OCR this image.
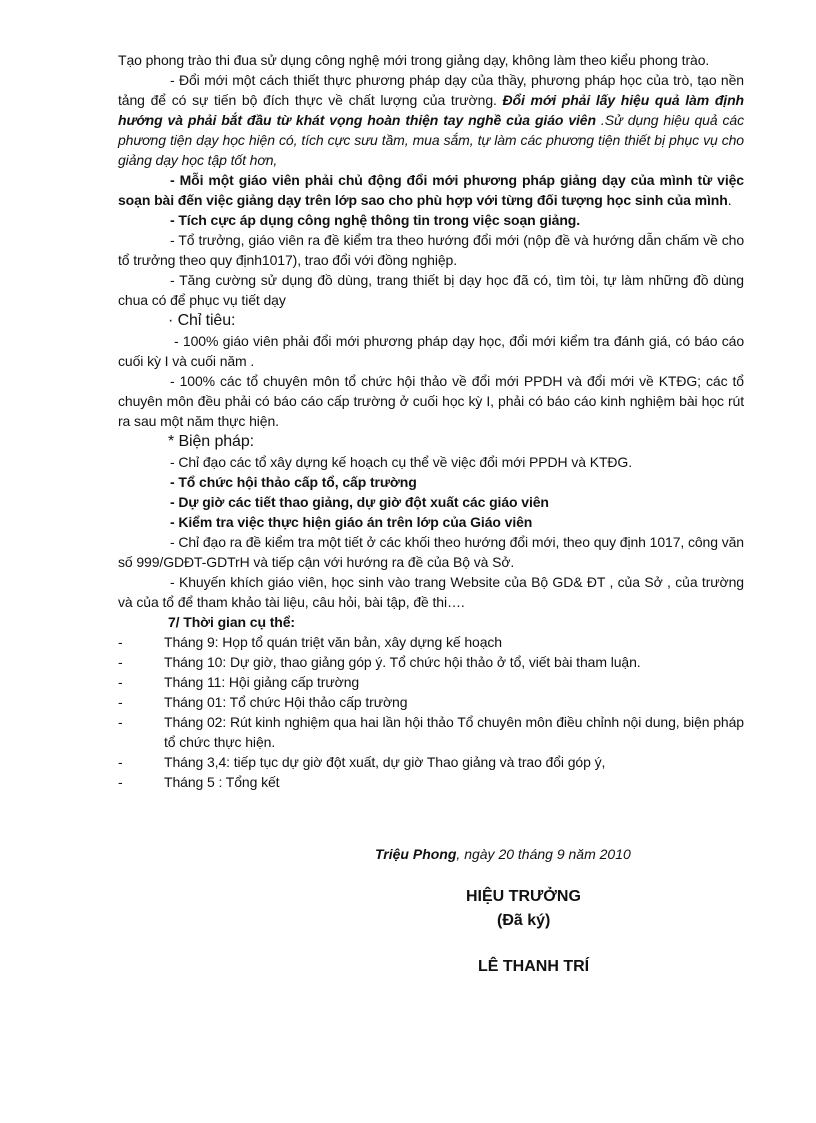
Tạo phong trào thi đua sử dụng công nghệ mới trong giảng dạy, không làm theo kiểu phong trào.

- Đổi mới một cách thiết thực phương pháp dạy của thầy, phương pháp học của trò, tạo nền tảng để có sự tiến bộ đích thực về chất lượng của trường. Đổi mới phải lấy hiệu quả làm định hướng và phải bắt đầu từ khát vọng hoàn thiện tay nghề của giáo viên .Sử dụng hiệu quả các phương tiện dạy học hiện có, tích cực sưu tầm, mua sắm, tự làm các phương tiện thiết bị phục vụ cho giảng dạy học tập tốt hơn,

- Mỗi một giáo viên phải chủ động đổi mới phương pháp giảng dạy của mình từ việc soạn bài đến việc giảng dạy trên lớp sao cho phù hợp với từng đối tượng học sinh của mình.

- Tích cực áp dụng công nghệ thông tin trong việc soạn giảng.

- Tổ trưởng, giáo viên ra đề kiểm tra theo hướng đổi mới (nộp đề và hướng dẫn chấm về cho tổ trưởng theo quy định1017), trao đổi với đồng nghiệp.

- Tăng cường sử dụng đồ dùng, trang thiết bị dạy học đã có, tìm tòi, tự làm những đồ dùng chua có để phục vụ tiết dạy

· Chỉ tiêu:

- 100% giáo viên phải đổi mới phương pháp dạy học, đổi mới kiểm tra đánh giá, có báo cáo cuối kỳ I và cuối năm .

- 100% các tổ chuyên môn tổ chức hội thảo về đổi mới PPDH và đổi mới về KTĐG; các tổ chuyên môn đều phải có báo cáo cấp trường ở cuối học kỳ I, phải có báo cáo kinh nghiệm bài học rút ra sau một năm thực hiện.

* Biện pháp:

- Chỉ đạo các tổ xây dựng kế hoạch cụ thể về việc đổi mới PPDH và KTĐG.

- Tổ chức hội thảo cấp tổ, cấp trường

- Dự giờ các tiết thao giảng, dự giờ đột xuất các giáo viên

- Kiểm tra việc thực hiện giáo án trên lớp của Giáo viên

- Chỉ đạo ra đề kiểm tra một tiết ở các khối theo hướng đổi mới, theo quy định 1017, công văn số 999/GDĐT-GDTrH và tiếp cận với hướng ra đề của Bộ và Sở.

- Khuyến khích giáo viên, học sinh vào trang Website của Bộ GD& ĐT , của Sở , của trường và của tổ để tham khảo tài liệu, câu hỏi, bài tập, đề thi….

7/ Thời gian cụ thể:

-	Tháng 9: Họp tổ quán triệt văn bản, xây dựng kế hoạch
-	Tháng 10: Dự giờ, thao giảng góp ý. Tổ chức hội thảo ở tổ, viết bài tham luận.
-	Tháng 11: Hội giảng cấp trường
-	Tháng 01: Tổ chức Hội thảo cấp trường
-	Tháng 02: Rút kinh nghiệm qua hai lần hội thảo Tổ chuyên môn điều chỉnh nội dung, biện pháp tổ chức thực hiện.
-	Tháng 3,4: tiếp tục dự giờ đột xuất, dự giờ Thao giảng và trao đổi góp ý,
-	Tháng 5 : Tổng kết
Triệu Phong, ngày 20 tháng 9 năm 2010
HIỆU TRƯỞNG
(Đã ký)
LÊ THANH TRÍ
